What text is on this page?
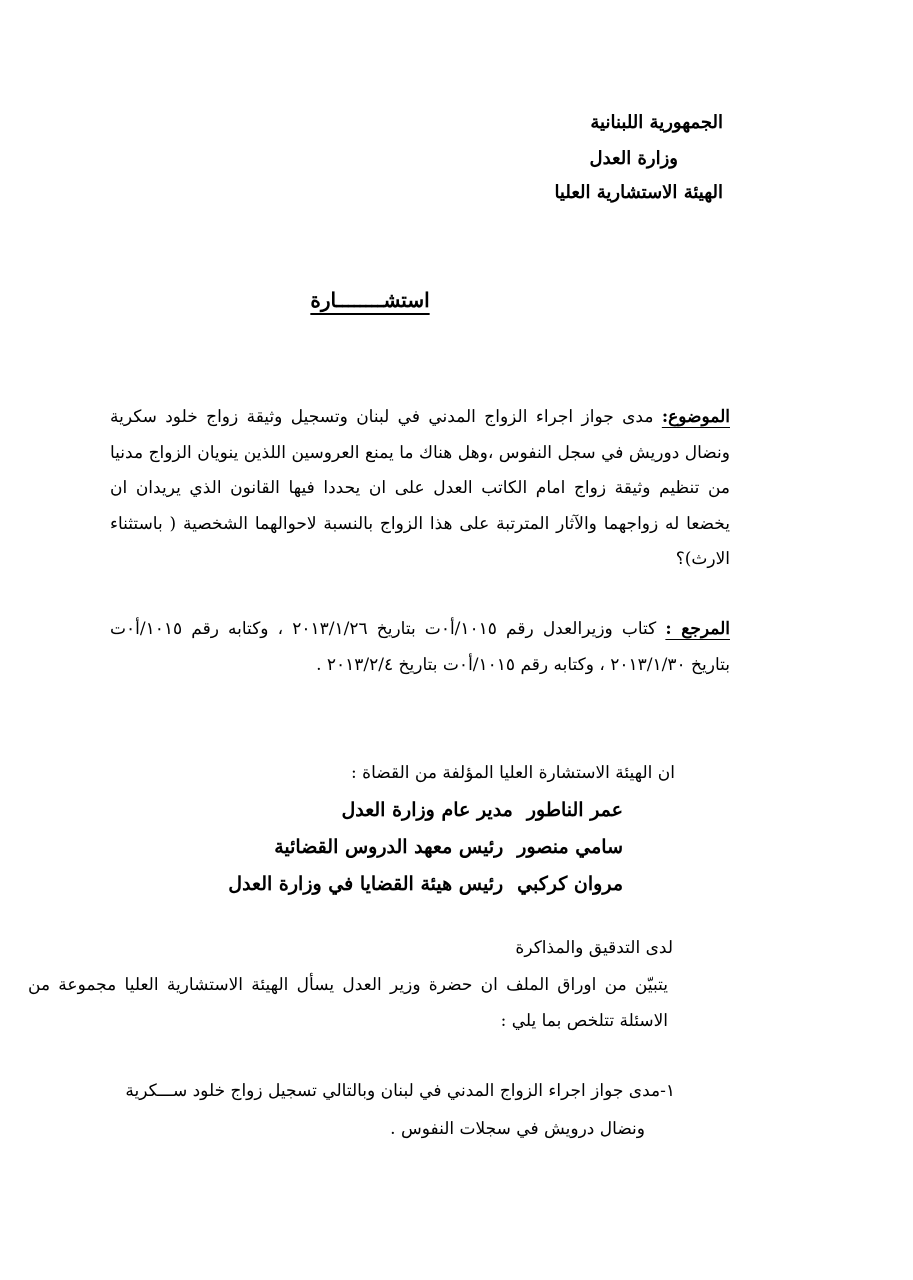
الجمهورية اللبنانية
وزارة العدل
الهيئة الاستشارية العليا
استشــــــــارة
الموضوع: مدى جواز اجراء الزواج المدني في لبنان وتسجيل وثيقة زواج خلود سكرية ونضال دوريش في سجل النفوس ،وهل هناك ما يمنع العروسين اللذين ينويان الزواج مدنيا من تنظيم وثيقة زواج امام الكاتب العدل على ان يحددا فيها القانون الذي يريدان ان يخضعا له زواجهما والآثار المترتبة على هذا الزواج بالنسبة لاحوالهما الشخصية ( باستثناء الارث)؟
المرجع : كتاب وزيرالعدل رقم ١٠١٥/أ٠ت بتاريخ ٢٠١٣/١/٢٦ ، وكتابه رقم ١٠١٥/أ٠ت بتاريخ ٢٠١٣/١/٣٠ ، وكتابه رقم ١٠١٥/أ٠ت بتاريخ ٢٠١٣/٢/٤ .
ان الهيئة الاستشارة العليا المؤلفة من القضاة :
عمر الناطورمدير عام وزارة العدل
سامي منصوررئيس معهد الدروس القضائية
مروان كركبيرئيس هيئة القضايا في وزارة العدل
لدى التدقيق والمذاكرة
يتبيّن من اوراق الملف ان حضرة وزير العدل يسأل الهيئة الاستشارية العليا مجموعة من الاسئلة تتلخص بما يلي :
١-مدى جواز اجراء الزواج المدني في لبنان وبالتالي تسجيل زواج خلود ســـكرية
ونضال درويش في سجلات النفوس .
